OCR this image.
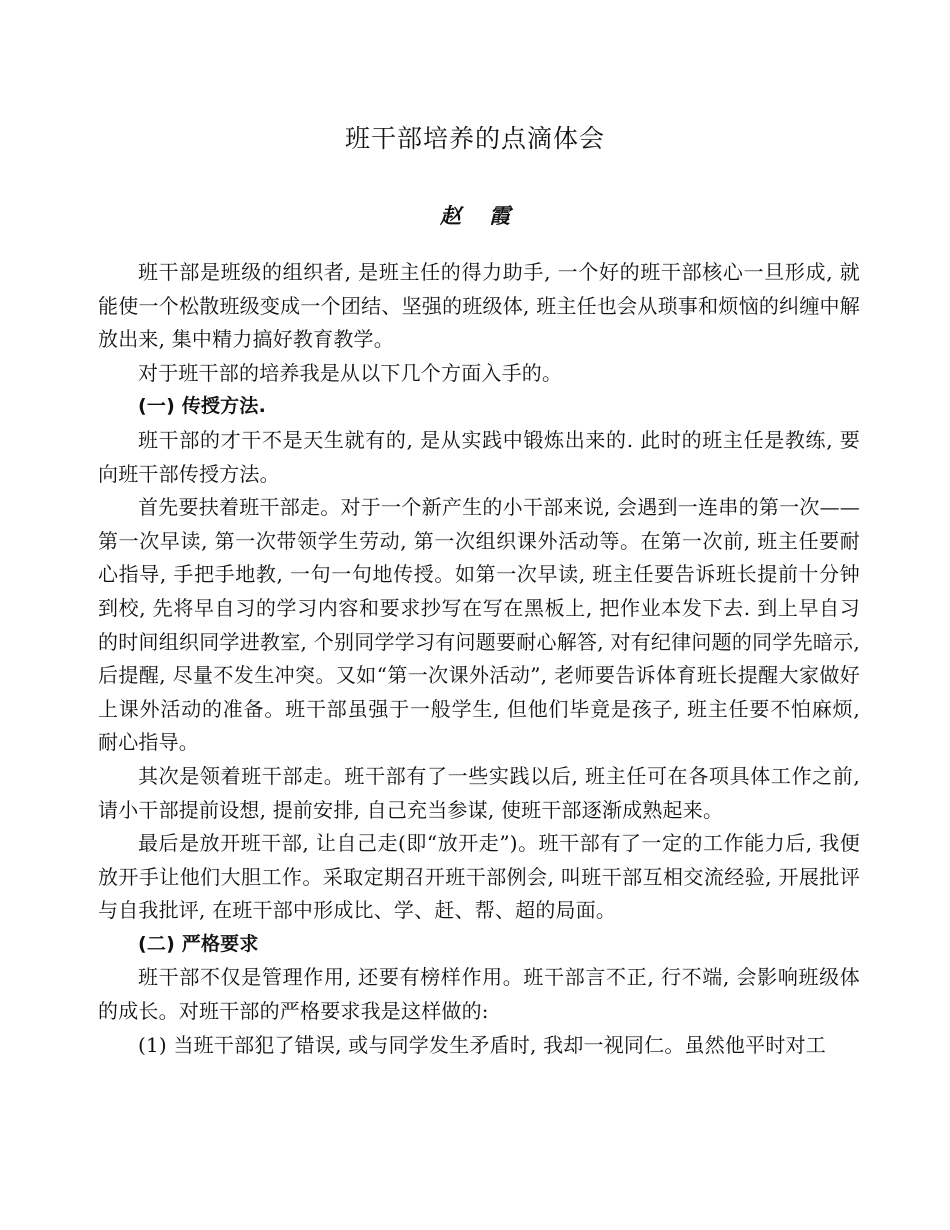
班干部培养的点滴体会
赵霞

班干部是班级的组织者, 是班主任的得力助手, 一个好的班干部核心一旦形成, 就能使一个松散班级变成一个团结、坚强的班级体, 班主任也会从琐事和烦恼的纠缠中解放出来, 集中精力搞好教育教学。

对于班干部的培养我是从以下几个方面入手的。

(一) 传授方法.

班干部的才干不是天生就有的, 是从实践中锻炼出来的. 此时的班主任是教练, 要向班干部传授方法。

首先要扶着班干部走。对于一个新产生的小干部来说, 会遇到一连串的第一次——第一次早读, 第一次带领学生劳动, 第一次组织课外活动等。在第一次前, 班主任要耐心指导, 手把手地教, 一句一句地传授。如第一次早读, 班主任要告诉班长提前十分钟到校, 先将早自习的学习内容和要求抄写在写在黑板上, 把作业本发下去. 到上早自习的时间组织同学进教室, 个别同学学习有问题要耐心解答, 对有纪律问题的同学先暗示, 后提醒, 尽量不发生冲突。又如“第一次课外活动”, 老师要告诉体育班长提醒大家做好上课外活动的准备。班干部虽强于一般学生, 但他们毕竟是孩子, 班主任要不怕麻烦, 耐心指导。

其次是领着班干部走。班干部有了一些实践以后, 班主任可在各项具体工作之前, 请小干部提前设想, 提前安排, 自己充当参谋, 使班干部逐渐成熟起来。

最后是放开班干部, 让自己走(即“放开走”)。班干部有了一定的工作能力后, 我便放开手让他们大胆工作。采取定期召开班干部例会, 叫班干部互相交流经验, 开展批评与自我批评, 在班干部中形成比、学、赶、帮、超的局面。

(二) 严格要求

班干部不仅是管理作用, 还要有榜样作用。班干部言不正, 行不端, 会影响班级体的成长。对班干部的严格要求我是这样做的:

(1) 当班干部犯了错误, 或与同学发生矛盾时, 我却一视同仁。虽然他平时对工
